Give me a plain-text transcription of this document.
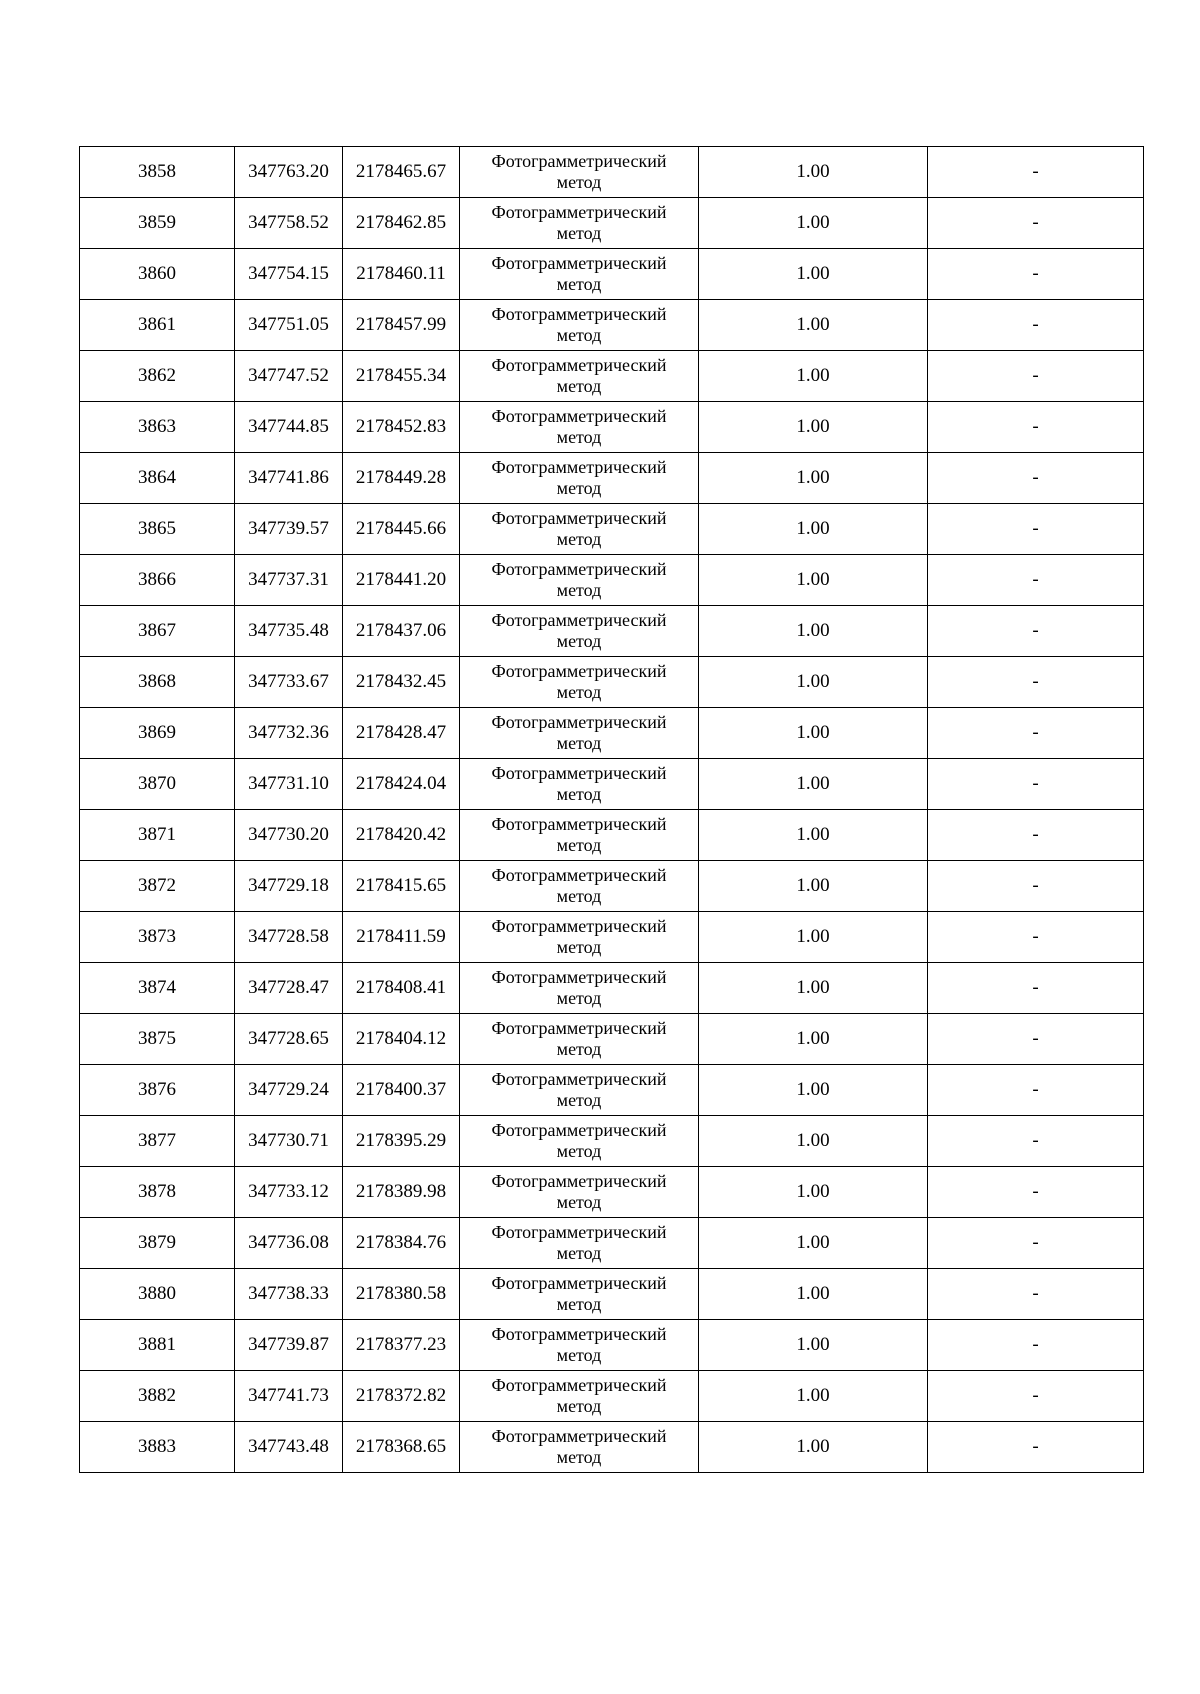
3858	347763.20	2178465.67	Фотограмметрический
метод	1.00	-
3859	347758.52	2178462.85	Фотограмметрический
метод	1.00	-
3860	347754.15	2178460.11	Фотограмметрический
метод	1.00	-
3861	347751.05	2178457.99	Фотограмметрический
метод	1.00	-
3862	347747.52	2178455.34	Фотограмметрический
метод	1.00	-
3863	347744.85	2178452.83	Фотограмметрический
метод	1.00	-
3864	347741.86	2178449.28	Фотограмметрический
метод	1.00	-
3865	347739.57	2178445.66	Фотограмметрический
метод	1.00	-
3866	347737.31	2178441.20	Фотограмметрический
метод	1.00	-
3867	347735.48	2178437.06	Фотограмметрический
метод	1.00	-
3868	347733.67	2178432.45	Фотограмметрический
метод	1.00	-
3869	347732.36	2178428.47	Фотограмметрический
метод	1.00	-
3870	347731.10	2178424.04	Фотограмметрический
метод	1.00	-
3871	347730.20	2178420.42	Фотограмметрический
метод	1.00	-
3872	347729.18	2178415.65	Фотограмметрический
метод	1.00	-
3873	347728.58	2178411.59	Фотограмметрический
метод	1.00	-
3874	347728.47	2178408.41	Фотограмметрический
метод	1.00	-
3875	347728.65	2178404.12	Фотограмметрический
метод	1.00	-
3876	347729.24	2178400.37	Фотограмметрический
метод	1.00	-
3877	347730.71	2178395.29	Фотограмметрический
метод	1.00	-
3878	347733.12	2178389.98	Фотограмметрический
метод	1.00	-
3879	347736.08	2178384.76	Фотограмметрический
метод	1.00	-
3880	347738.33	2178380.58	Фотограмметрический
метод	1.00	-
3881	347739.87	2178377.23	Фотограмметрический
метод	1.00	-
3882	347741.73	2178372.82	Фотограмметрический
метод	1.00	-
3883	347743.48	2178368.65	Фотограмметрический
метод	1.00	-
